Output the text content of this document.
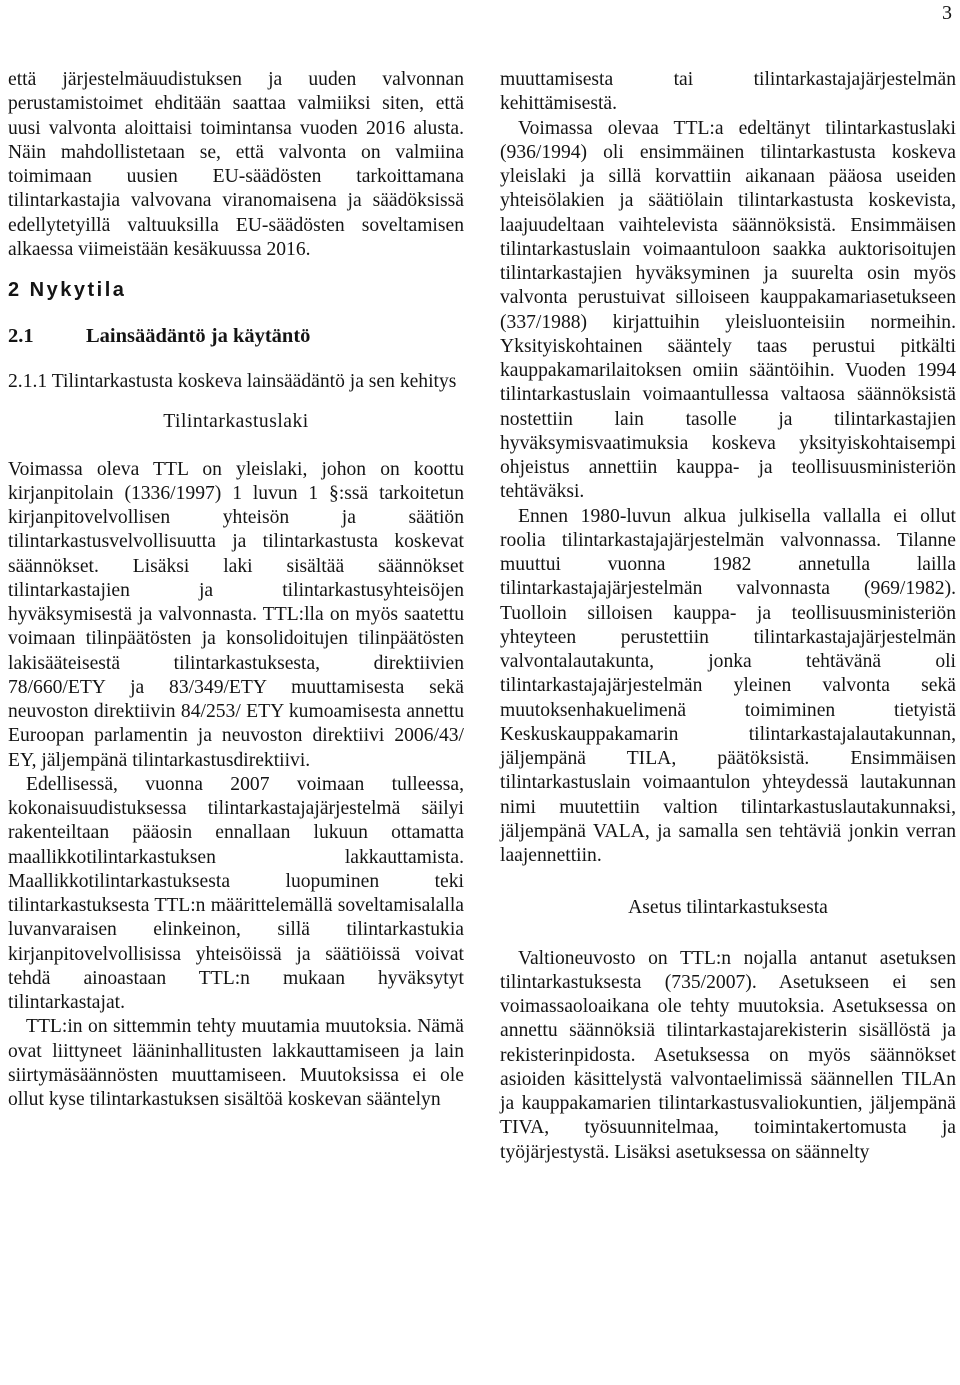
3

että järjestelmäuudistuksen ja uuden valvonnan perustamistoimet ehditään saattaa valmiiksi siten, että uusi valvonta aloittaisi toimintansa vuoden 2016 alusta. Näin mahdollistetaan se, että valvonta on valmiina toimimaan uusien EU-säädösten tarkoittamana tilintarkastajia valvovana viranomaisena ja säädöksissä edellytetyillä valtuuksilla EU-säädösten soveltamisen alkaessa viimeistään kesäkuussa 2016.

2 Nykytila
2.1	Lainsäädäntö ja käytäntö

2.1.1 Tilintarkastusta koskeva lainsäädäntö ja sen kehitys

Tilintarkastuslaki

Voimassa oleva TTL on yleislaki, johon on koottu kirjanpitolain (1336/1997) 1 luvun 1 §:ssä tarkoitetun kirjanpitovelvollisen yhteisön ja säätiön tilintarkastusvelvollisuutta ja tilintarkastusta koskevat säännökset. Lisäksi laki sisältää säännökset tilintarkastajien ja tilintarkastusyhteisöjen hyväksymisestä ja valvonnasta. TTL:lla on myös saatettu voimaan tilinpäätösten ja konsolidoitujen tilinpäätösten lakisääteisestä tilintarkastuksesta, direktiivien 78/660/ETY ja 83/349/ETY muuttamisesta sekä neuvoston direktiivin 84/253/ ETY kumoamisesta annettu Euroopan parlamentin ja neuvoston direktiivi 2006/43/ EY, jäljempänä tilintarkastusdirektiivi.

Edellisessä, vuonna 2007 voimaan tulleessa, kokonaisuudistuksessa tilintarkastajajärjestelmä säilyi rakenteiltaan pääosin ennallaan lukuun ottamatta maallikkotilintarkastuksen lakkauttamista. Maallikkotilintarkastuksesta luopuminen teki tilintarkastuksesta TTL:n määrittelemällä soveltamisalalla luvanvaraisen elinkeinon, sillä tilintarkastukia kirjanpitovelvollisissa yhteisöissä ja säätiöissä voivat tehdä ainoastaan TTL:n mukaan hyväksytyt tilintarkastajat.

TTL:in on sittemmin tehty muutamia muutoksia. Nämä ovat liittyneet lääninhallitusten lakkauttamiseen ja lain siirtymäsäännösten muuttamiseen. Muutoksissa ei ole ollut kyse tilintarkastuksen sisältöä koskevan sääntelyn

muuttamisesta tai tilintarkastajajärjestelmän kehittämisestä.

Voimassa olevaa TTL:a edeltänyt tilintarkastuslaki (936/1994) oli ensimmäinen tilintarkastusta koskeva yleislaki ja sillä korvattiin aikanaan pääosa useiden yhteisölakien ja säätiölain tilintarkastusta koskevista, laajuudeltaan vaihtelevista säännöksistä. Ensimmäisen tilintarkastuslain voimaantuloon saakka auktorisoitujen tilintarkastajien hyväksyminen ja suurelta osin myös valvonta perustuivat silloiseen kauppakamariasetukseen (337/1988) kirjattuihin yleisluonteisiin normeihin. Yksityiskohtainen sääntely taas perustui pitkälti kauppakamarilaitoksen omiin sääntöihin. Vuoden 1994 tilintarkastuslain voimaantullessa valtaosa säännöksistä nostettiin lain tasolle ja tilintarkastajien hyväksymisvaatimuksia koskeva yksityiskohtaisempi ohjeistus annettiin kauppa- ja teollisuusministeriön tehtäväksi.

Ennen 1980-luvun alkua julkisella vallalla ei ollut roolia tilintarkastajajärjestelmän valvonnassa. Tilanne muuttui vuonna 1982 annetulla lailla tilintarkastajajärjestelmän valvonnasta (969/1982). Tuolloin silloisen kauppa- ja teollisuusministeriön yhteyteen perustettiin tilintarkastajajärjestelmän valvontalautakunta, jonka tehtävänä oli tilintarkastajajärjestelmän yleinen valvonta sekä muutoksenhakuelimenä toimiminen tietyistä Keskuskauppakamarin tilintarkastajalautakunnan, jäljempänä TILA, päätöksistä. Ensimmäisen tilintarkastuslain voimaantulon yhteydessä lautakunnan nimi muutettiin valtion tilintarkastuslautakunnaksi, jäljempänä VALA, ja samalla sen tehtäviä jonkin verran laajennettiin.

Asetus tilintarkastuksesta

Valtioneuvosto on TTL:n nojalla antanut asetuksen tilintarkastuksesta (735/2007). Asetukseen ei sen voimassaoloaikana ole tehty muutoksia. Asetuksessa on annettu säännöksiä tilintarkastajarekisterin sisällöstä ja rekisterinpidosta. Asetuksessa on myös säännökset asioiden käsittelystä valvontaelimissä säännellen TILAn ja kauppakamarien tilintarkastusvaliokuntien, jäljempänä TIVA, työsuunnitelmaa, toimintakertomusta ja työjärjestystä. Lisäksi asetuksessa on säännelty
